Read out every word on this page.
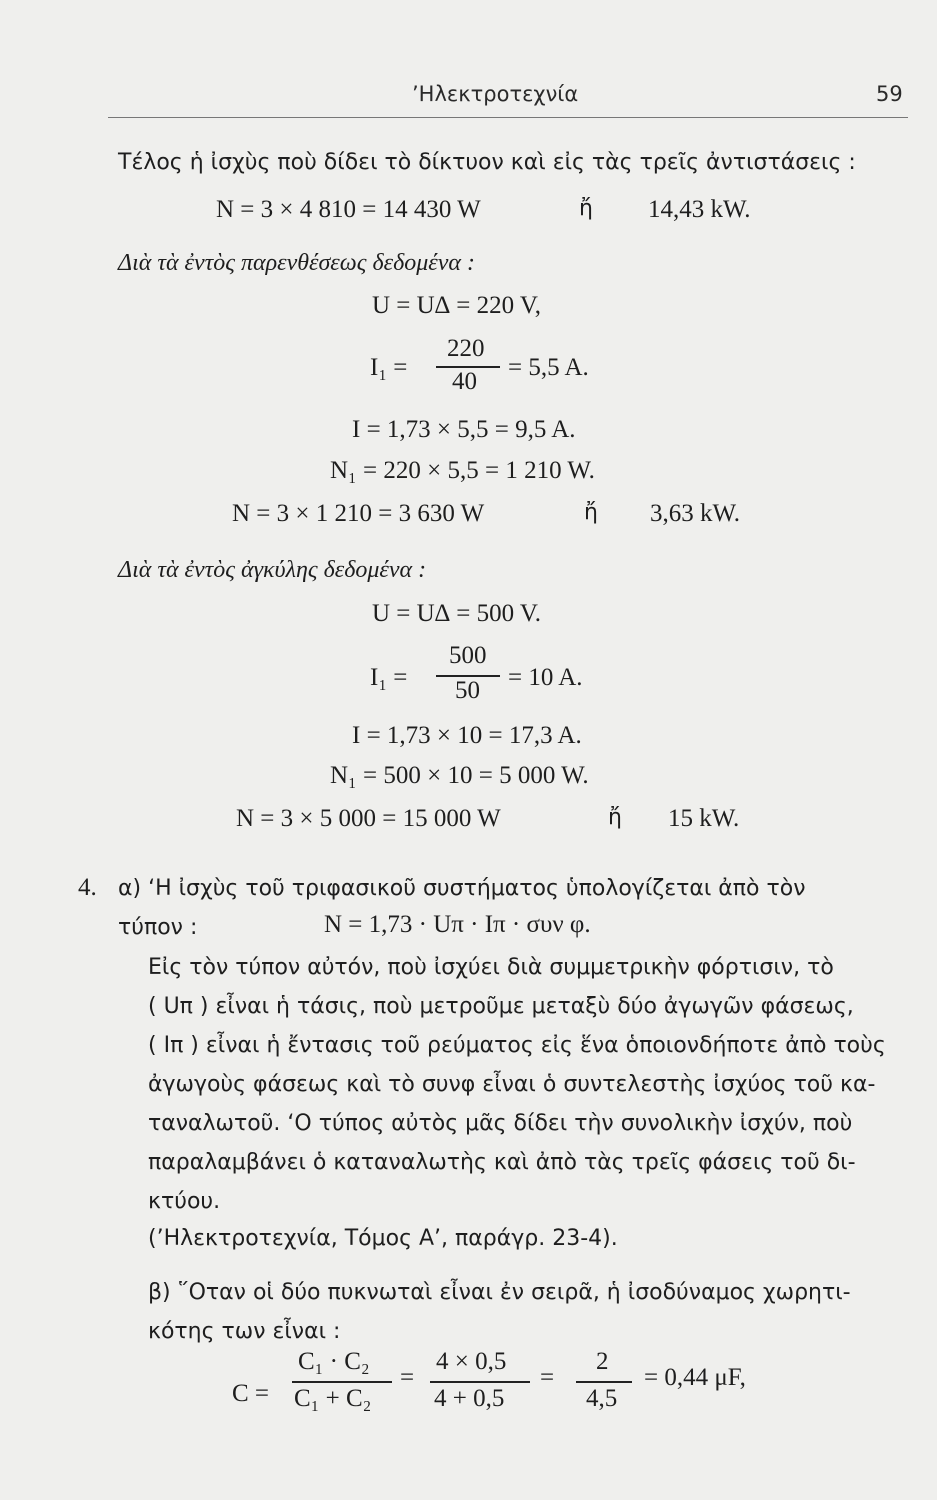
’Ηλεκτροτεχνία	59
Τέλος ἡ ἰσχὺς ποὺ δίδει τὸ δίκτυον καὶ εἰς τὰς τρεῖς ἀντιστάσεις :
N = 3 × 4 810 = 14 430 W	ἤ 14,43 kW.
Διὰ τὰ ἐντὸς παρενθέσεως δεδομένα :
U = U∆ = 220 V,
I₁ =
220
40
= 5,5 A.
I = 1,73 × 5,5 = 9,5 A.
N₁ = 220 × 5,5 = 1 210 W.
N = 3 × 1 210 = 3 630 W	ἤ 3,63 kW.
Διὰ τὰ ἐντὸς ἀγκύλης δεδομένα :
U = U∆ = 500 V.
I₁ =
500
50 = 10 A.
I = 1,73 × 10 = 17,3 A.
N₁ = 500 × 10 = 5 000 W.
N = 3 × 5 000 = 15 000 W	ἤ 15 kW.
4. α) ‘Η ἰσχὺς τοῦ τριφασικοῦ συστήματος ὑπολογίζεται ἀπὸ τὸν
τύπον :	N = 1,73 · Uπ · Iπ · συν φ.
Εἰς τὸν τύπον αὐτόν, ποὺ ἰσχύει διὰ συμμετρικὴν φόρτισιν, τὸ
( Uπ ) εἶναι ἡ τάσις, ποὺ μετροῦμε μεταξὺ δύο ἀγωγῶν φάσεως,
( Iπ ) εἶναι ἡ ἔντασις τοῦ ρεύματος εἰς ἕνα ὁποιονδήποτε ἀπὸ τοὺς
ἀγωγοὺς φάσεως καὶ τὸ συνφ εἶναι ὁ συντελεστὴς ἰσχύος τοῦ κα-
ταναλωτοῦ. ‘Ο τύπος αὐτὸς μᾶς δίδει τὴν συνολικὴν ἰσχύν, ποὺ
παραλαμβάνει ὁ καταναλωτὴς καὶ ἀπὸ τὰς τρεῖς φάσεις τοῦ δι-
κτύου.
(’Ηλεκτροτεχνία, Τόμος Α’, παράγρ. 23-4).
β) ῞Οταν οἱ δύο πυκνωταὶ εἶναι ἐν σειρᾶ, ἡ ἰσοδύναμος χωρητι-
κότης των εἶναι :
C =
C₁ · C₂
C₁ + C₂
=
4 × 0,5
4 + 0,5
=
2
4,5
= 0,44 μF,
